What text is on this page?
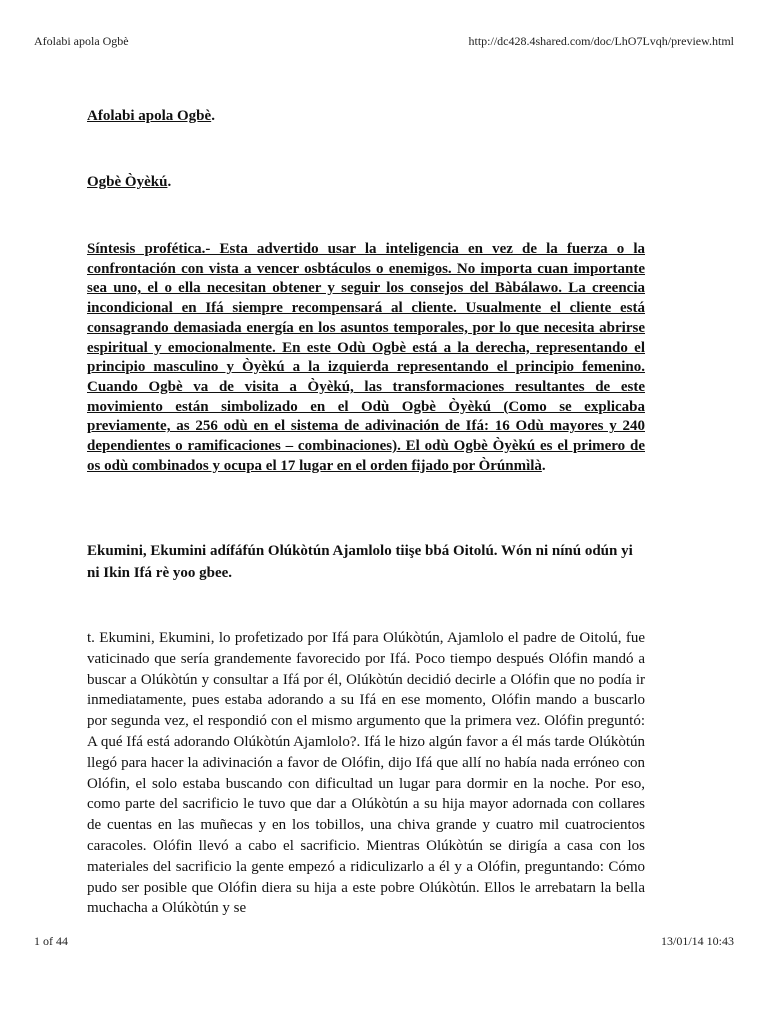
Afolabi apola Ogbè	http://dc428.4shared.com/doc/LhO7Lvqh/preview.html

Afolabi apola Ogbè.

Ogbè Òyèkú.

Síntesis profética.- Esta advertido usar la inteligencia en vez de la fuerza o la confrontación con vista a vencer osbtáculos o enemigos. No importa cuan importante sea uno, el o ella necesitan obtener y seguir los consejos del Bàbálawo. La creencia incondicional en Ifá siempre recompensará al cliente. Usualmente el cliente está consagrando demasiada energía en los asuntos temporales, por lo que necesita abrirse espiritual y emocionalmente. En este Odù Ogbè está a la derecha, representando el principio masculino y Òyèkú a la izquierda representando el principio femenino. Cuando Ogbè va de visita a Òyèkú, las transformaciones resultantes de este movimiento están simbolizado en el Odù Ogbè Òyèkú (Como se explicaba previamente, as 256 odù en el sistema de adivinación de Ifá: 16 Odù mayores y 240 dependientes o ramificaciones – combinaciones). El odù Ogbè Òyèkú es el primero de os odù combinados y ocupa el 17 lugar en el orden fijado por Òrúnmìlà.

Ekumini, Ekumini adífáfún Olúkòtún Ajamlolo tiişe bbá Oitolú. Wón ni nínú odún yi ni Ikin Ifá rè yoo gbee.

t. Ekumini, Ekumini, lo profetizado por Ifá para Olúkòtún, Ajamlolo el padre de Oitolú, fue vaticinado que sería grandemente favorecido por Ifá. Poco tiempo después Olófin mandó a buscar a Olúkòtún y consultar a Ifá por él, Olúkòtún decidió decirle a Olófin que no podía ir inmediatamente, pues estaba adorando a su Ifá en ese momento, Olófin mando a buscarlo por segunda vez, el respondió con el mismo argumento que la primera vez. Olófin preguntó: A qué Ifá está adorando Olúkòtún Ajamlolo?. Ifá le hizo algún favor a él más tarde Olúkòtún llegó para hacer la adivinación a favor de Olófin, dijo Ifá que allí no había nada erróneo con Olófin, el solo estaba buscando con dificultad un lugar para dormir en la noche. Por eso, como parte del sacrificio le tuvo que dar a Olúkòtún a su hija mayor adornada con collares de cuentas en las muñecas y en los tobillos, una chiva grande y cuatro mil cuatrocientos caracoles. Olófin llevó a cabo el sacrificio. Mientras Olúkòtún se dirigía a casa con los materiales del sacrificio la gente empezó a ridiculizarlo a él y a Olófin, preguntando: Cómo pudo ser posible que Olófin diera su hija a este pobre Olúkòtún. Ellos le arrebatarn la bella muchacha a Olúkòtún y se

1 of 44	13/01/14 10:43
